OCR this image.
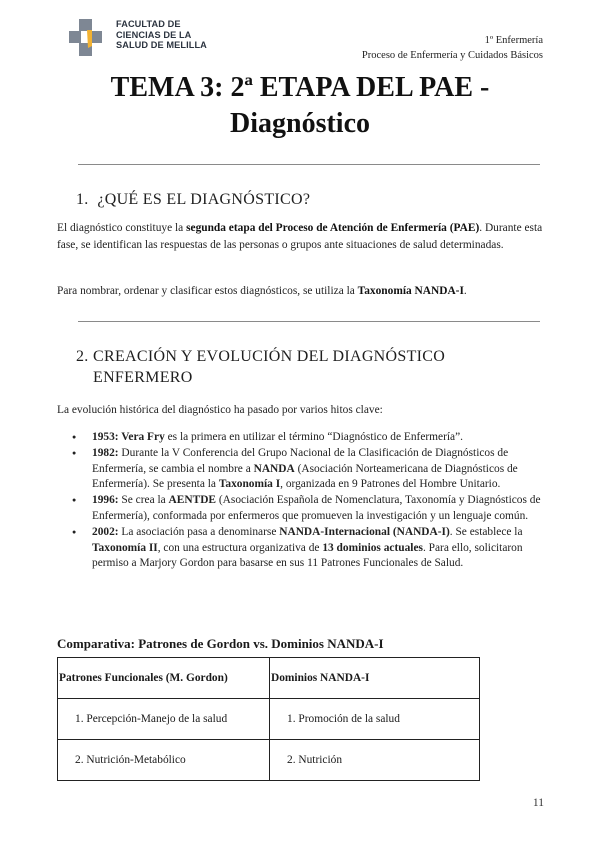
FACULTAD DE
CIENCIAS DE LA
SALUD DE MELILLA	1º Enfermería
Proceso de Enfermería y Cuidados Básicos
TEMA 3: 2ª ETAPA DEL PAE -
Diagnóstico
1. ¿QUÉ ES EL DIAGNÓSTICO?
El diagnóstico constituye la segunda etapa del Proceso de Atención de Enfermería (PAE). Durante esta fase, se identifican las respuestas de las personas o grupos ante situaciones de salud determinadas.
Para nombrar, ordenar y clasificar estos diagnósticos, se utiliza la Taxonomía NANDA-I.
2. CREACIÓN Y EVOLUCIÓN DEL DIAGNÓSTICO
ENFERMERO
La evolución histórica del diagnóstico ha pasado por varios hitos clave:
● 1953: Vera Fry es la primera en utilizar el término “Diagnóstico de Enfermería”.
● 1982: Durante la V Conferencia del Grupo Nacional de la Clasificación de Diagnósticos de Enfermería, se cambia el nombre a NANDA (Asociación Norteamericana de Diagnósticos de Enfermería). Se presenta la Taxonomía I, organizada en 9 Patrones del Hombre Unitario.
● 1996: Se crea la AENTDE (Asociación Española de Nomenclatura, Taxonomía y Diagnósticos de Enfermería), conformada por enfermeros que promueven la investigación y un lenguaje común.
● 2002: La asociación pasa a denominarse NANDA-Internacional (NANDA-I). Se establece la Taxonomía II, con una estructura organizativa de 13 dominios actuales. Para ello, solicitaron permiso a Marjory Gordon para basarse en sus 11 Patrones Funcionales de Salud.
Comparativa: Patrones de Gordon vs. Dominios NANDA-I
Patrones Funcionales (M. Gordon)	Dominios NANDA-I
1. Percepción-Manejo de la salud	1. Promoción de la salud
2. Nutrición-Metabólico	2. Nutrición
11
